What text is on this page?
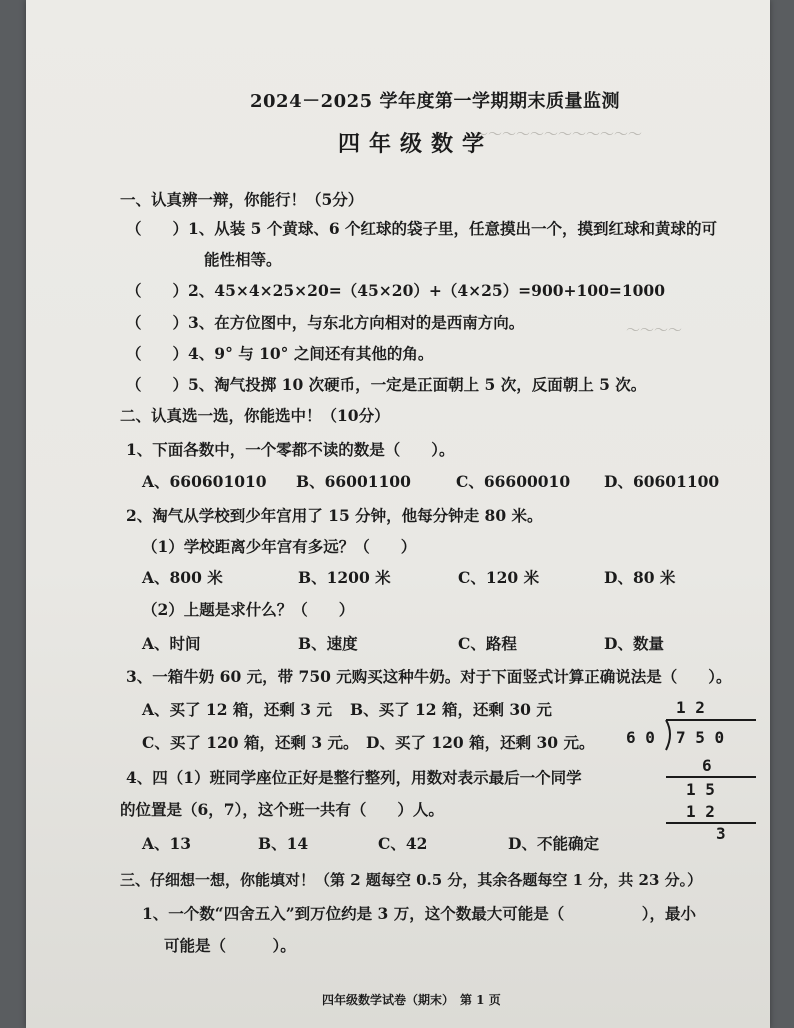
～～～～～～～～～～～～
～～～～
2024－2025 学年度第一学期期末质量监测
四年级数学
一、认真辨一辩，你能行！（5分）
（　　）1、从装 5 个黄球、6 个红球的袋子里，任意摸出一个，摸到红球和黄球的可
能性相等。
（　　）2、45×4×25×20=（45×20）+（4×25）=900+100=1000
（　　）3、在方位图中，与东北方向相对的是西南方向。
（　　）4、9° 与 10° 之间还有其他的角。
（　　）5、淘气投掷 10 次硬币，一定是正面朝上 5 次，反面朝上 5 次。
二、认真选一选，你能选中！（10分）
1、下面各数中，一个零都不读的数是（　　）。
A、660601010 B、66001100	C、66600010 D、60601100
2、淘气从学校到少年宫用了 15 分钟，他每分钟走 80 米。
（1）学校距离少年宫有多远？（　　）
A、800 米	B、1200 米	C、120 米	D、80 米
（2）上题是求什么？（　　）
A、时间	B、速度	C、路程	D、数量
3、一箱牛奶 60 元，带 750 元购买这种牛奶。对于下面竖式计算正确说法是（　　）。
A、买了 12 箱，还剩 3 元 B、买了 12 箱，还剩 30 元
C、买了 120 箱，还剩 3 元。 D、买了 120 箱，还剩 30 元。
1 2
6 0 7 5 0
6
1 5
1 2
3
4、四（1）班同学座位正好是整行整列，用数对表示最后一个同学
的位置是（6，7），这个班一共有（　　）人。
A、13	B、14	C、42	D、不能确定
三、仔细想一想，你能填对！（第 2 题每空 0.5 分，其余各题每空 1 分，共 23 分。）
1、一个数“四舍五入”到万位约是 3 万，这个数最大可能是（　　　　　），最小
可能是（　　　）。
四年级数学试卷（期末）　第 1 页
